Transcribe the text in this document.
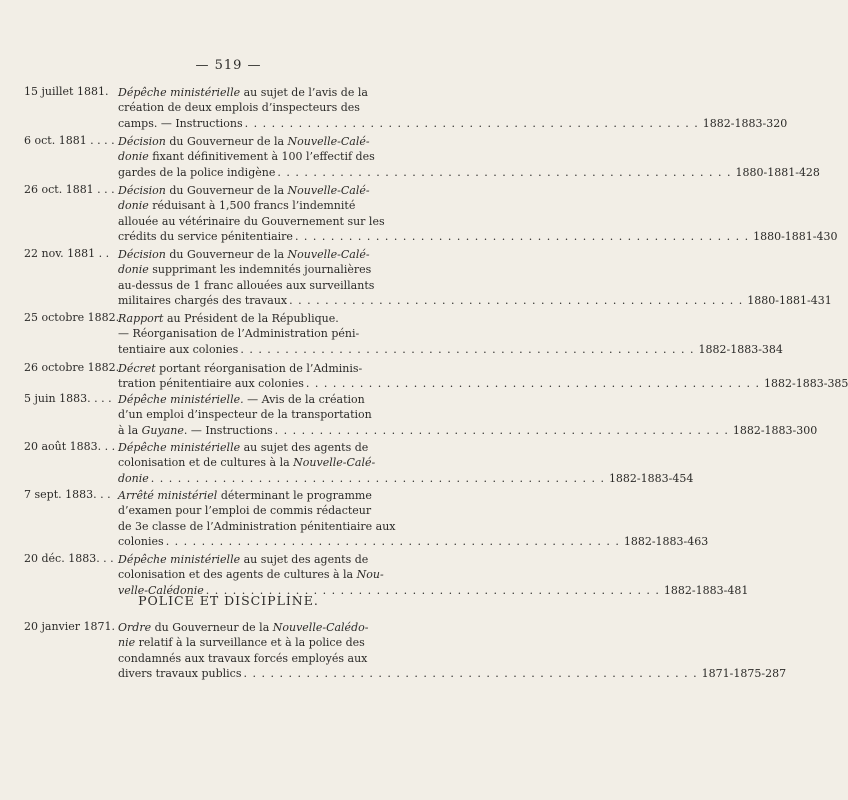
— 519 —
POLICE ET DISCIPLINE.
15 juillet 1881. Dépêche ministérielle au sujet de l’avis de la
création de deux emplois d’inspecteurs des
camps. — Instructions . . . . . . . . . . . . . . . . . . . . . . . . . . . . . . . . . . . . . . . . . . . . . . . . . . . 1882-1883-320
6 oct. 1881 . . . . Décision du Gouverneur de la Nouvelle-Calé-
donie fixant définitivement à 100 l’effectif des
gardes de la police indigène . . . . . . . . . . . . . . . . . . . . . . . . . . . . . . . . . . . . . . . . . . . . . . . . . . . 1880-1881-428
26 oct. 1881 . . . Décision du Gouverneur de la Nouvelle-Calé-
donie réduisant à 1,500 francs l’indemnité
allouée au vétérinaire du Gouvernement sur les
crédits du service pénitentiaire . . . . . . . . . . . . . . . . . . . . . . . . . . . . . . . . . . . . . . . . . . . . . . . . . . . 1880-1881-430
22 nov. 1881 . . Décision du Gouverneur de la Nouvelle-Calé-
donie supprimant les indemnités journalières
au-dessus de 1 franc allouées aux surveillants
militaires chargés des travaux . . . . . . . . . . . . . . . . . . . . . . . . . . . . . . . . . . . . . . . . . . . . . . . . . . . 1880-1881-431
25 octobre 1882.
Rapport au Président de la République.
— Réorganisation de l’Administration péni-
tentiaire aux colonies . . . . . . . . . . . . . . . . . . . . . . . . . . . . . . . . . . . . . . . . . . . . . . . . . . . 1882-1883-384
26 octobre 1882.
Décret portant réorganisation de l’Adminis-
tration pénitentiaire aux colonies . . . . . . . . . . . . . . . . . . . . . . . . . . . . . . . . . . . . . . . . . . . . . . . . . . . 1882-1883-385
5 juin 1883. . . . Dépêche ministérielle. — Avis de la création
d’un emploi d’inspecteur de la transportation
à la Guyane. — Instructions . . . . . . . . . . . . . . . . . . . . . . . . . . . . . . . . . . . . . . . . . . . . . . . . . . . 1882-1883-300
20 août 1883. . . Dépêche ministérielle au sujet des agents de
colonisation et de cultures à la Nouvelle-Calé-
donie . . . . . . . . . . . . . . . . . . . . . . . . . . . . . . . . . . . . . . . . . . . . . . . . . . . 1882-1883-454
7 sept. 1883. . . Arrêté ministériel déterminant le programme
d’examen pour l’emploi de commis rédacteur
de 3e classe de l’Administration pénitentiaire aux
colonies . . . . . . . . . . . . . . . . . . . . . . . . . . . . . . . . . . . . . . . . . . . . . . . . . . . 1882-1883-463
20 déc. 1883. . . Dépêche ministérielle au sujet des agents de
colonisation et des agents de cultures à la Nou-
velle-Calédonie . . . . . . . . . . . . . . . . . . . . . . . . . . . . . . . . . . . . . . . . . . . . . . . . . . . 1882-1883-481
20 janvier 1871. Ordre du Gouverneur de la Nouvelle-Calédo-
nie relatif à la surveillance et à la police des
condamnés aux travaux forcés employés aux
divers travaux publics . . . . . . . . . . . . . . . . . . . . . . . . . . . . . . . . . . . . . . . . . . . . . . . . . . . 1871-1875-287
